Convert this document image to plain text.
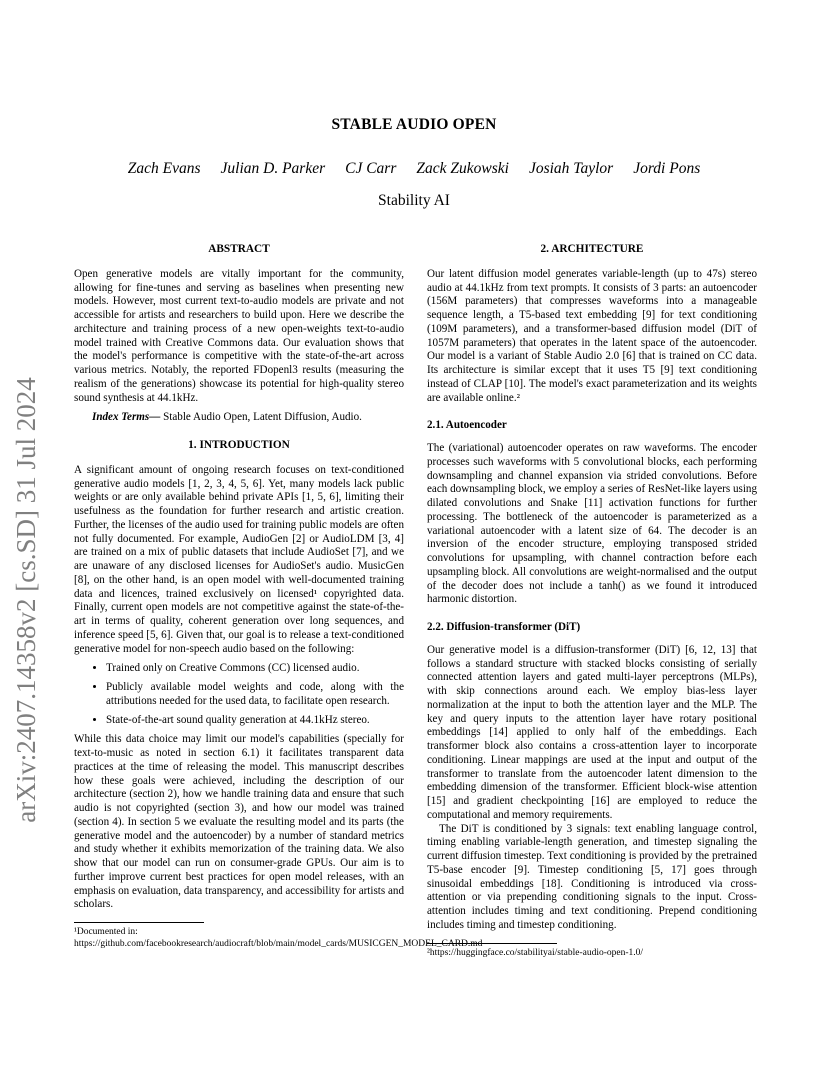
arXiv:2407.14358v2 [cs.SD] 31 Jul 2024
STABLE AUDIO OPEN
Zach Evans Julian D. Parker CJ Carr Zack Zukowski Josiah Taylor Jordi Pons
Stability AI
ABSTRACT

Open generative models are vitally important for the community, allowing for fine-tunes and serving as baselines when presenting new models. However, most current text-to-audio models are private and not accessible for artists and researchers to build upon. Here we describe the architecture and training process of a new open-weights text-to-audio model trained with Creative Commons data. Our evaluation shows that the model's performance is competitive with the state-of-the-art across various metrics. Notably, the reported FDopenl3 results (measuring the realism of the generations) showcase its potential for high-quality stereo sound synthesis at 44.1kHz.

Index Terms— Stable Audio Open, Latent Diffusion, Audio.

1. INTRODUCTION

A significant amount of ongoing research focuses on text-conditioned generative audio models [1, 2, 3, 4, 5, 6]. Yet, many models lack public weights or are only available behind private APIs [1, 5, 6], limiting their usefulness as the foundation for further research and artistic creation. Further, the licenses of the audio used for training public models are often not fully documented. For example, AudioGen [2] or AudioLDM [3, 4] are trained on a mix of public datasets that include AudioSet [7], and we are unaware of any disclosed licenses for AudioSet's audio. MusicGen [8], on the other hand, is an open model with well-documented training data and licences, trained exclusively on licensed¹ copyrighted data. Finally, current open models are not competitive against the state-of-the-art in terms of quality, coherent generation over long sequences, and inference speed [5, 6]. Given that, our goal is to release a text-conditioned generative model for non-speech audio based on the following:

• Trained only on Creative Commons (CC) licensed audio.
• Publicly available model weights and code, along with the attributions needed for the used data, to facilitate open research.
• State-of-the-art sound quality generation at 44.1kHz stereo.

While this data choice may limit our model's capabilities (specially for text-to-music as noted in section 6.1) it facilitates transparent data practices at the time of releasing the model. This manuscript describes how these goals were achieved, including the description of our architecture (section 2), how we handle training data and ensure that such audio is not copyrighted (section 3), and how our model was trained (section 4). In section 5 we evaluate the resulting model and its parts (the generative model and the autoencoder) by a number of standard metrics and study whether it exhibits memorization of the training data. We also show that our model can run on consumer-grade GPUs. Our aim is to further improve current best practices for open model releases, with an emphasis on evaluation, data transparency, and accessibility for artists and scholars.

¹Documented in: https://github.com/facebookresearch/audiocraft/blob/main/model_cards/MUSICGEN_MODEL_CARD.md
2. ARCHITECTURE

Our latent diffusion model generates variable-length (up to 47s) stereo audio at 44.1kHz from text prompts. It consists of 3 parts: an autoencoder (156M parameters) that compresses waveforms into a manageable sequence length, a T5-based text embedding [9] for text conditioning (109M parameters), and a transformer-based diffusion model (DiT of 1057M parameters) that operates in the latent space of the autoencoder. Our model is a variant of Stable Audio 2.0 [6] that is trained on CC data. Its architecture is similar except that it uses T5 [9] text conditioning instead of CLAP [10]. The model's exact parameterization and its weights are available online.²

2.1. Autoencoder

The (variational) autoencoder operates on raw waveforms. The encoder processes such waveforms with 5 convolutional blocks, each performing downsampling and channel expansion via strided convolutions. Before each downsampling block, we employ a series of ResNet-like layers using dilated convolutions and Snake [11] activation functions for further processing. The bottleneck of the autoencoder is parameterized as a variational autoencoder with a latent size of 64. The decoder is an inversion of the encoder structure, employing transposed strided convolutions for upsampling, with channel contraction before each upsampling block. All convolutions are weight-normalised and the output of the decoder does not include a tanh() as we found it introduced harmonic distortion.

2.2. Diffusion-transformer (DiT)

Our generative model is a diffusion-transformer (DiT) [6, 12, 13] that follows a standard structure with stacked blocks consisting of serially connected attention layers and gated multi-layer perceptrons (MLPs), with skip connections around each. We employ bias-less layer normalization at the input to both the attention layer and the MLP. The key and query inputs to the attention layer have rotary positional embeddings [14] applied to only half of the embeddings. Each transformer block also contains a cross-attention layer to incorporate conditioning. Linear mappings are used at the input and output of the transformer to translate from the autoencoder latent dimension to the embedding dimension of the transformer. Efficient block-wise attention [15] and gradient checkpointing [16] are employed to reduce the computational and memory requirements.

The DiT is conditioned by 3 signals: text enabling language control, timing enabling variable-length generation, and timestep signaling the current diffusion timestep. Text conditioning is provided by the pretrained T5-base encoder [9]. Timestep conditioning [5, 17] goes through sinusoidal embeddings [18]. Conditioning is introduced via cross-attention or via prepending conditioning signals to the input. Cross-attention includes timing and text conditioning. Prepend conditioning includes timing and timestep conditioning.

²https://huggingface.co/stabilityai/stable-audio-open-1.0/
